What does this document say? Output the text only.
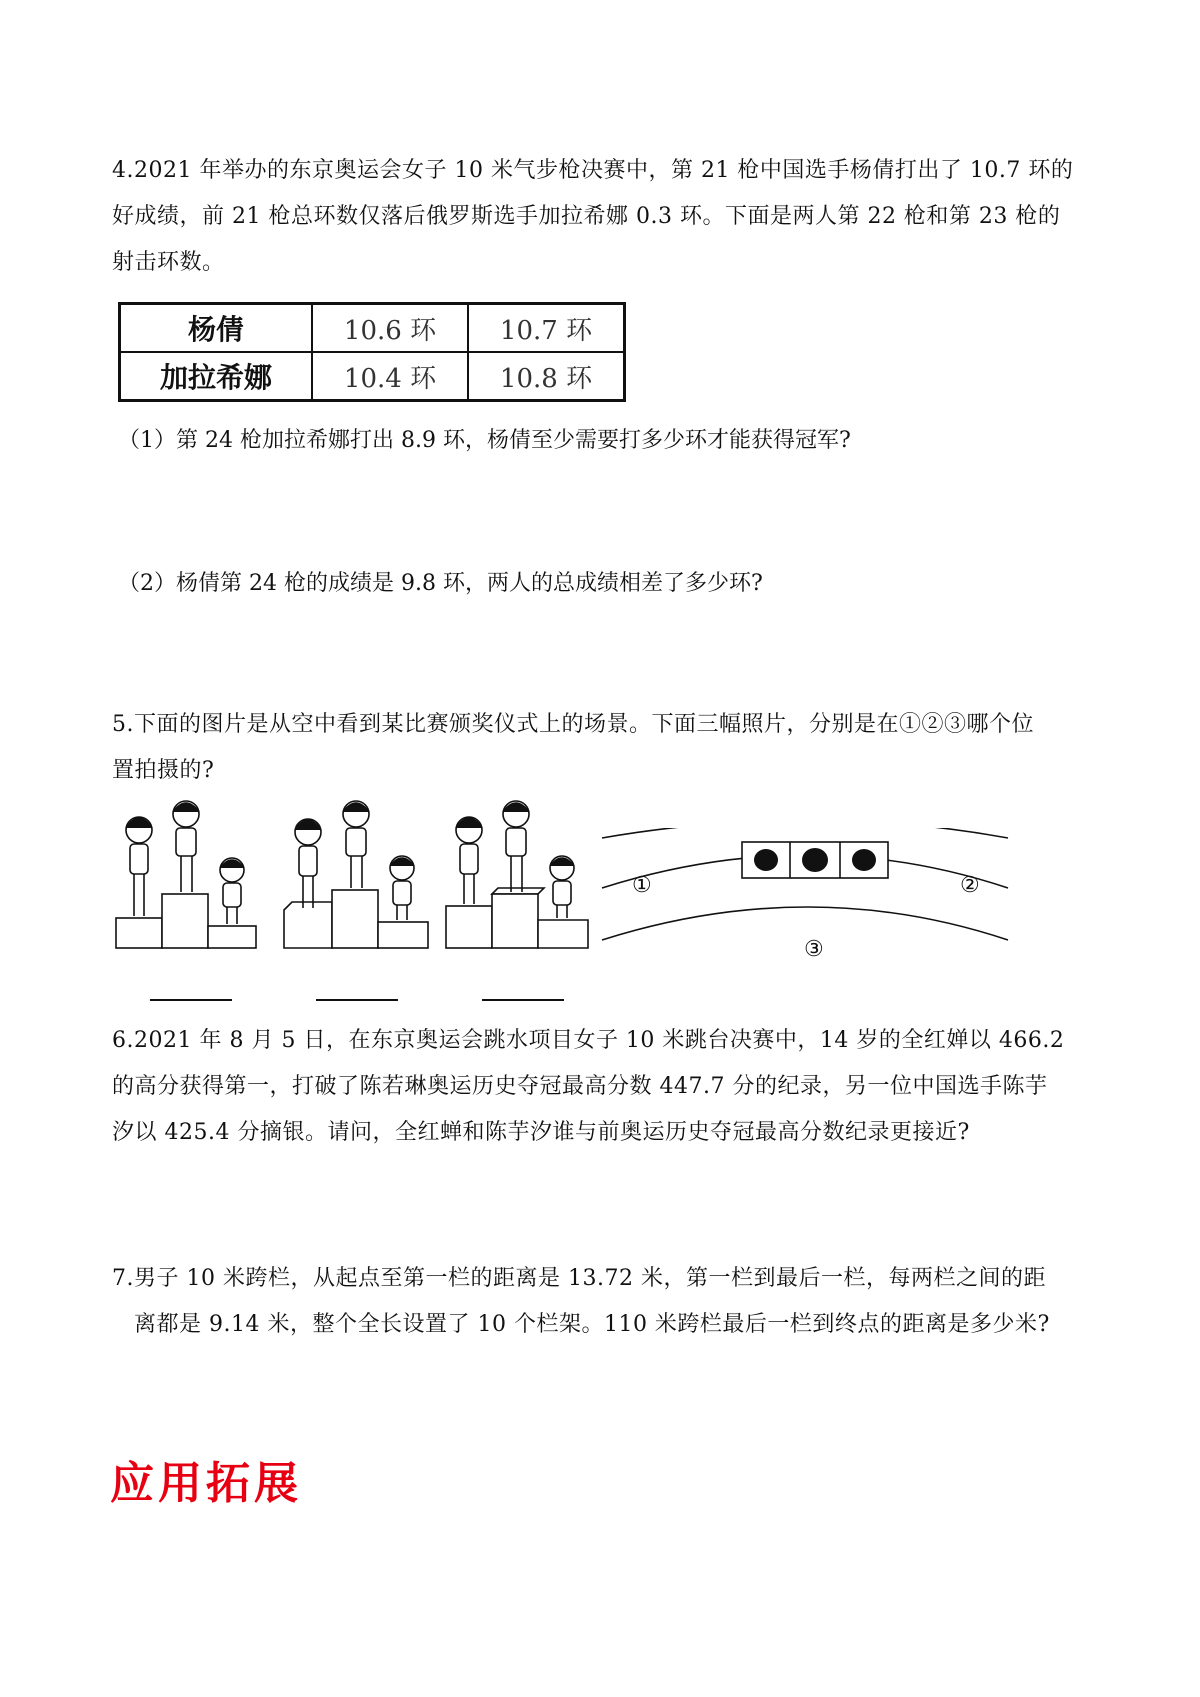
4.2021 年举办的东京奥运会女子 10 米气步枪决赛中，第 21 枪中国选手杨倩打出了 10.7 环的

好成绩，前 21 枪总环数仅落后俄罗斯选手加拉希娜 0.3 环。下面是两人第 22 枪和第 23 枪的

射击环数。

杨倩	10.6 环	10.7 环
加拉希娜	10.4 环	10.8 环
（1）第 24 枪加拉希娜打出 8.9 环，杨倩至少需要打多少环才能获得冠军?
（2）杨倩第 24 枪的成绩是 9.8 环，两人的总成绩相差了多少环?

5.下面的图片是从空中看到某比赛颁奖仪式上的场景。下面三幅照片，分别是在①②③哪个位

置拍摄的?

①	②
③

6.2021 年 8 月 5 日，在东京奥运会跳水项目女子 10 米跳台决赛中，14 岁的全红婵以 466.2

的高分获得第一，打破了陈若琳奥运历史夺冠最高分数 447.7 分的纪录，另一位中国选手陈芋

汐以 425.4 分摘银。请问，全红蝉和陈芋汐谁与前奥运历史夺冠最高分数纪录更接近?

7.男子 10 米跨栏，从起点至第一栏的距离是 13.72 米，第一栏到最后一栏，每两栏之间的距

离都是 9.14 米，整个全长设置了 10 个栏架。110 米跨栏最后一栏到终点的距离是多少米?

应用拓展
